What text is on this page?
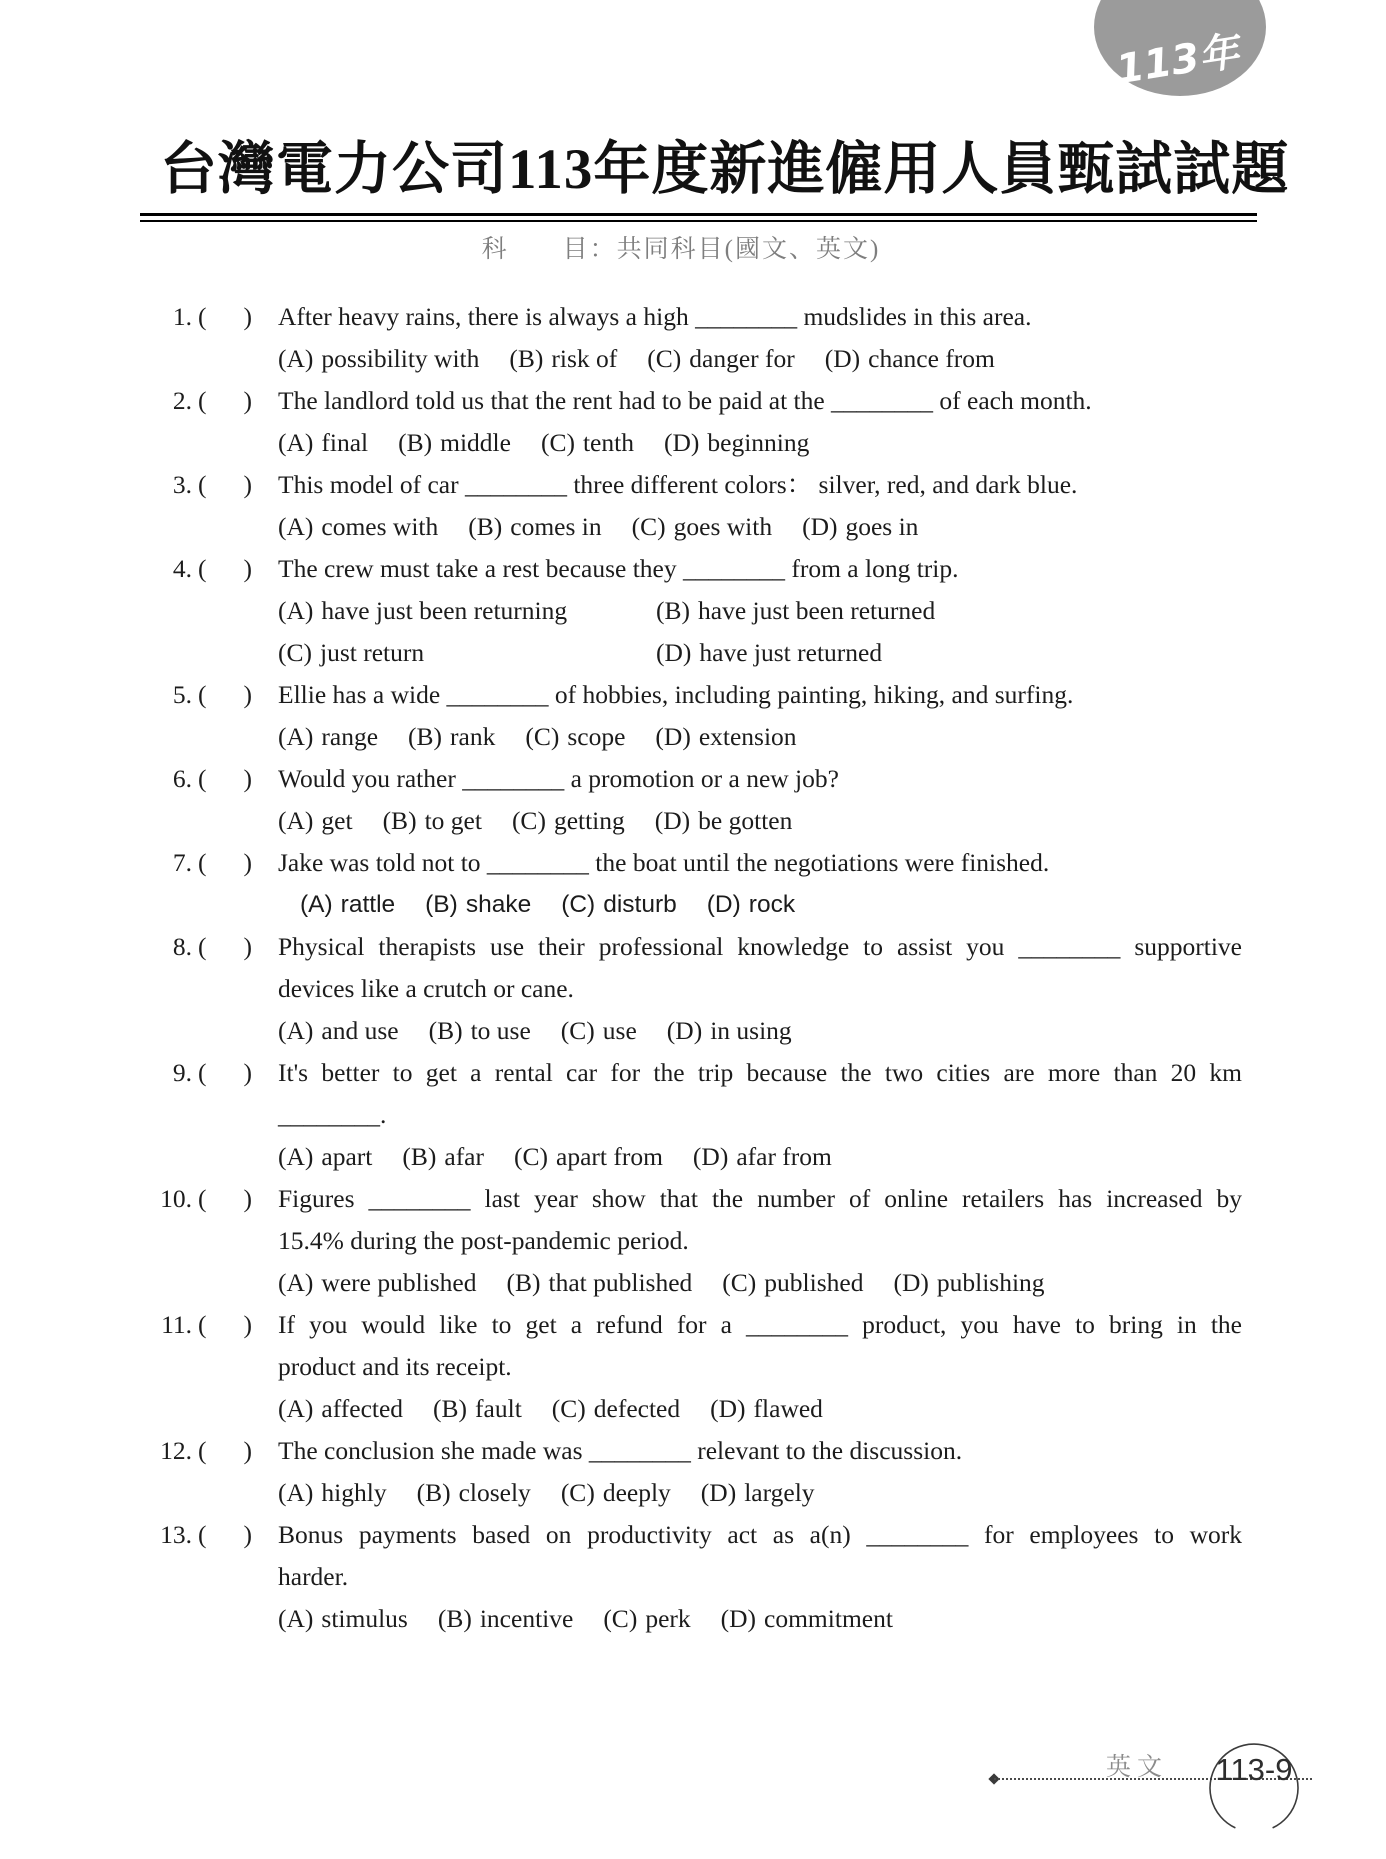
113年
台灣電力公司113年度新進僱用人員甄試試題
科　　目：共同科目(國文、英文)
1. ( ) After heavy rains, there is always a high ________ mudslides in this area.
(A) possibility with (B) risk of (C) danger for (D) chance from
2. ( ) The landlord told us that the rent had to be paid at the ________ of each month.
(A) final (B) middle (C) tenth (D) beginning
3. ( ) This model of car ________ three different colors： silver, red, and dark blue.
(A) comes with (B) comes in (C) goes with (D) goes in
4. ( ) The crew must take a rest because they ________ from a long trip.
(A) have just been returning	(B) have just been returned
(C) just return	(D) have just returned
5. ( ) Ellie has a wide ________ of hobbies, including painting, hiking, and surfing.
(A) range (B) rank (C) scope (D) extension
6. ( ) Would you rather ________ a promotion or a new job?
(A) get (B) to get (C) getting (D) be gotten
7. ( ) Jake was told not to ________ the boat until the negotiations were finished.
(A) rattle (B) shake (C) disturb (D) rock
8. ( ) Physical therapists use their professional knowledge to assist you ________ supportive
devices like a crutch or cane.
(A) and use (B) to use (C) use (D) in using
9. ( ) It's better to get a rental car for the trip because the two cities are more than 20 km
________.
(A) apart (B) afar (C) apart from (D) afar from
10. ( ) Figures ________ last year show that the number of online retailers has increased by
15.4% during the post-pandemic period.
(A) were published (B) that published (C) published (D) publishing
11. ( ) If you would like to get a refund for a ________ product, you have to bring in the
product and its receipt.
(A) affected (B) fault (C) defected (D) flawed
12. ( ) The conclusion she made was ________ relevant to the discussion.
(A) highly (B) closely (C) deeply (D) largely
13. ( ) Bonus payments based on productivity act as a(n) ________ for employees to work
harder.
(A) stimulus (B) incentive (C) perk (D) commitment
英文 113-9
